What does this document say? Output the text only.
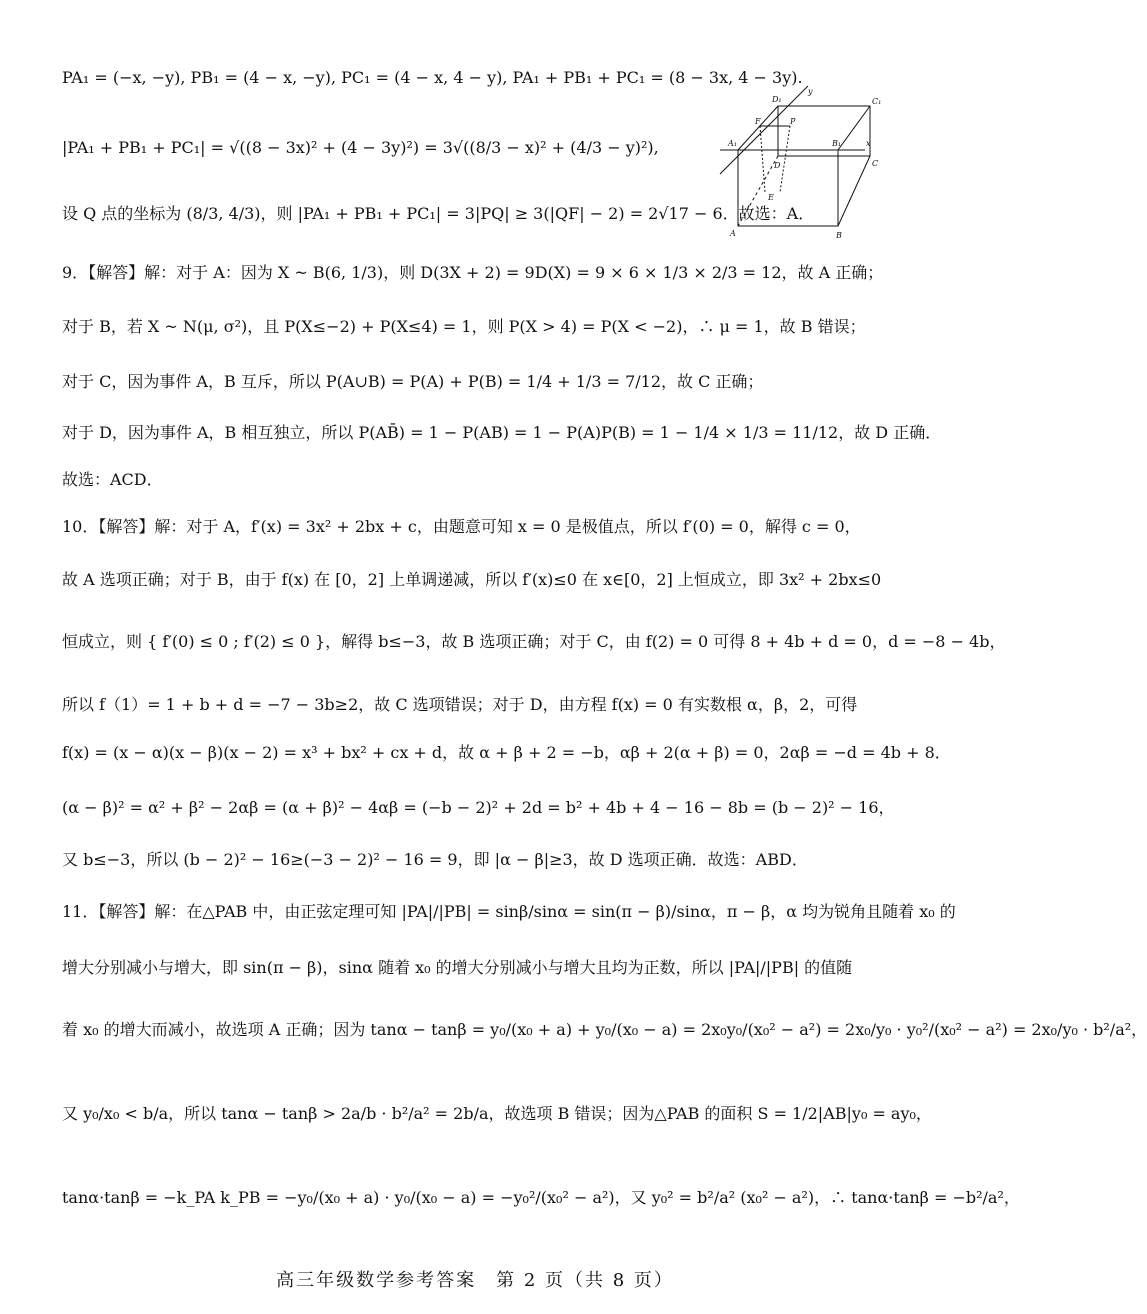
PA₁ = (−x, −y), PB₁ = (4 − x, −y), PC₁ = (4 − x, 4 − y), PA₁ + PB₁ + PC₁ = (8 − 3x, 4 − 3y).
|PA₁ + PB₁ + PC₁| = √((8 − 3x)² + (4 − 3y)²) = 3√((8/3 − x)² + (4/3 − y)²),
设 Q 点的坐标为 (8/3, 4/3)，则 |PA₁ + PB₁ + PC₁| = 3|PQ| ≥ 3(|QF| − 2) = 2√17 − 6．故选：A．
9．【解答】解：对于 A：因为 X ~ B(6, 1/3)，则 D(3X + 2) = 9D(X) = 9 × 6 × 1/3 × 2/3 = 12，故 A 正确；
对于 B，若 X ~ N(μ, σ²)，且 P(X≤−2) + P(X≤4) = 1，则 P(X > 4) = P(X < −2)，∴ μ = 1，故 B 错误；
对于 C，因为事件 A，B 互斥，所以 P(A∪B) = P(A) + P(B) = 1/4 + 1/3 = 7/12，故 C 正确；
对于 D，因为事件 A，B 相互独立，所以 P(AB̄) = 1 − P(AB) = 1 − P(A)P(B) = 1 − 1/4 × 1/3 = 11/12，故 D 正确．
故选：ACD．
10．【解答】解：对于 A，f′(x) = 3x² + 2bx + c，由题意可知 x = 0 是极值点，所以 f′(0) = 0，解得 c = 0，
故 A 选项正确；对于 B，由于 f(x) 在 [0，2] 上单调递减，所以 f′(x)≤0 在 x∈[0，2] 上恒成立，即 3x² + 2bx≤0
恒成立，则 { f′(0) ≤ 0 ; f′(2) ≤ 0 }，解得 b≤−3，故 B 选项正确；对于 C，由 f(2) = 0 可得 8 + 4b + d = 0，d = −8 − 4b，
所以 f（1）= 1 + b + d = −7 − 3b≥2，故 C 选项错误；对于 D，由方程 f(x) = 0 有实数根 α，β，2，可得
f(x) = (x − α)(x − β)(x − 2) = x³ + bx² + cx + d，故 α + β + 2 = −b，αβ + 2(α + β) = 0，2αβ = −d = 4b + 8．
(α − β)² = α² + β² − 2αβ = (α + β)² − 4αβ = (−b − 2)² + 2d = b² + 4b + 4 − 16 − 8b = (b − 2)² − 16，
又 b≤−3，所以 (b − 2)² − 16≥(−3 − 2)² − 16 = 9，即 |α − β|≥3，故 D 选项正确．故选：ABD．
11．【解答】解：在△PAB 中，由正弦定理可知 |PA|/|PB| = sinβ/sinα = sin(π − β)/sinα，π − β，α 均为锐角且随着 x₀ 的
增大分别减小与增大，即 sin(π − β)，sinα 随着 x₀ 的增大分别减小与增大且均为正数，所以 |PA|/|PB| 的值随
着 x₀ 的增大而减小，故选项 A 正确；因为 tanα − tanβ = y₀/(x₀ + a) + y₀/(x₀ − a) = 2x₀y₀/(x₀² − a²) = 2x₀/y₀ · y₀²/(x₀² − a²) = 2x₀/y₀ · b²/a²，
又 y₀/x₀ < b/a，所以 tanα − tanβ > 2a/b · b²/a² = 2b/a，故选项 B 错误；因为△PAB 的面积 S = 1/2|AB|y₀ = ay₀，
tanα·tanβ = −k_PA k_PB = −y₀/(x₀ + a) · y₀/(x₀ − a) = −y₀²/(x₀² − a²)，又 y₀² = b²/a² (x₀² − a²)，∴ tanα·tanβ = −b²/a²，
D₁
y
C₁
F	P
A₁	B₁	x
D	C
E
A	B
高三年级数学参考答案　第 2 页（共 8 页）
